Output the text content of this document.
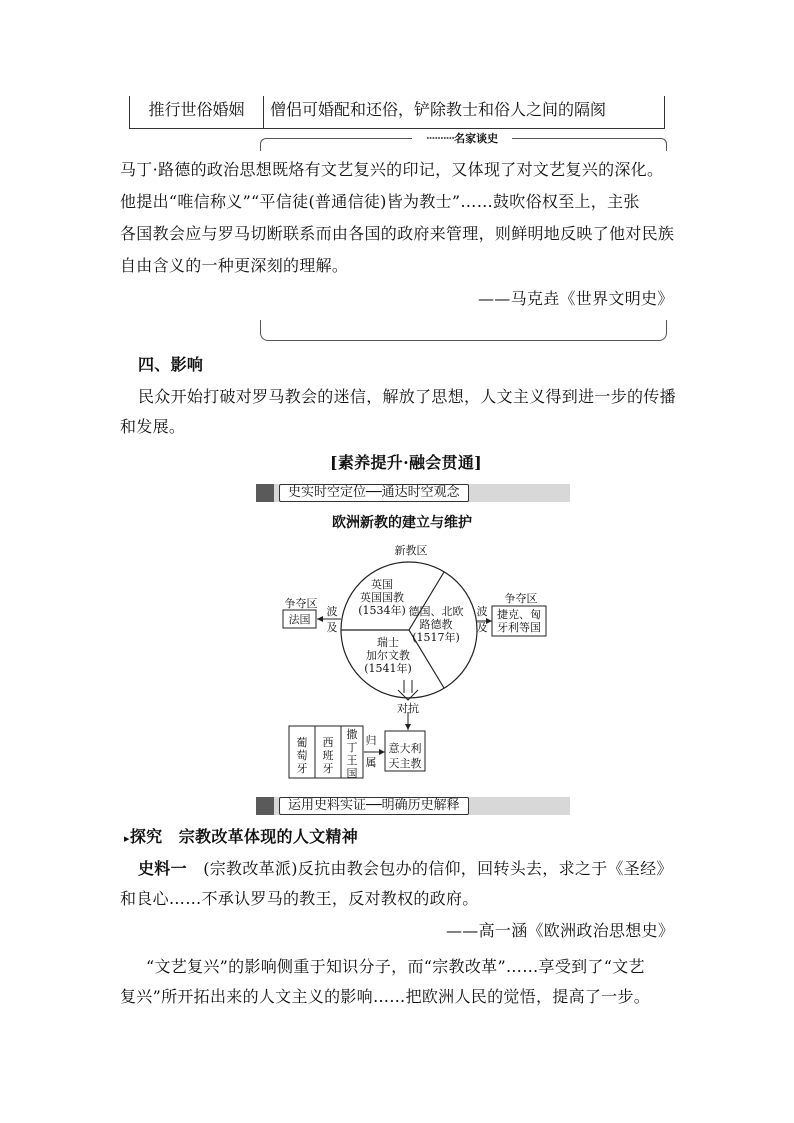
推行世俗婚姻	僧侣可婚配和还俗，铲除教士和俗人之间的隔阂
··········名家谈史
马丁·路德的政治思想既烙有文艺复兴的印记，又体现了对文艺复兴的深化。
他提出“唯信称义”“平信徒(普通信徒)皆为教士”……鼓吹俗权至上，主张
各国教会应与罗马切断联系而由各国的政府来管理，则鲜明地反映了他对民族
自由含义的一种更深刻的理解。
——马克垚《世界文明史》
四、影响
民众开始打破对罗马教会的迷信，解放了思想，人文主义得到进一步的传播
和发展。
[素养提升·融会贯通]
史实时空定位──通达时空观念
欧洲新教的建立与维护
新教区
英国
英国国教
(1534年) 德国、北欧
路德教
(1517年)
瑞士
加尔文教
(1541年)
争夺区
法国
波
及
争夺区
捷克、匈
牙利等国
波
及
对抗
意大利
天主教
归
属
葡
萄
牙
西
班
牙
撒
丁
王
国
运用史料实证──明确历史解释
▸探究　宗教改革体现的人文精神
史料一　(宗教改革派)反抗由教会包办的信仰，回转头去，求之于《圣经》
和良心……不承认罗马的教王，反对教权的政府。
——高一涵《欧洲政治思想史》
“文艺复兴”的影响侧重于知识分子，而“宗教改革”……享受到了“文艺
复兴”所开拓出来的人文主义的影响……把欧洲人民的觉悟，提高了一步。
